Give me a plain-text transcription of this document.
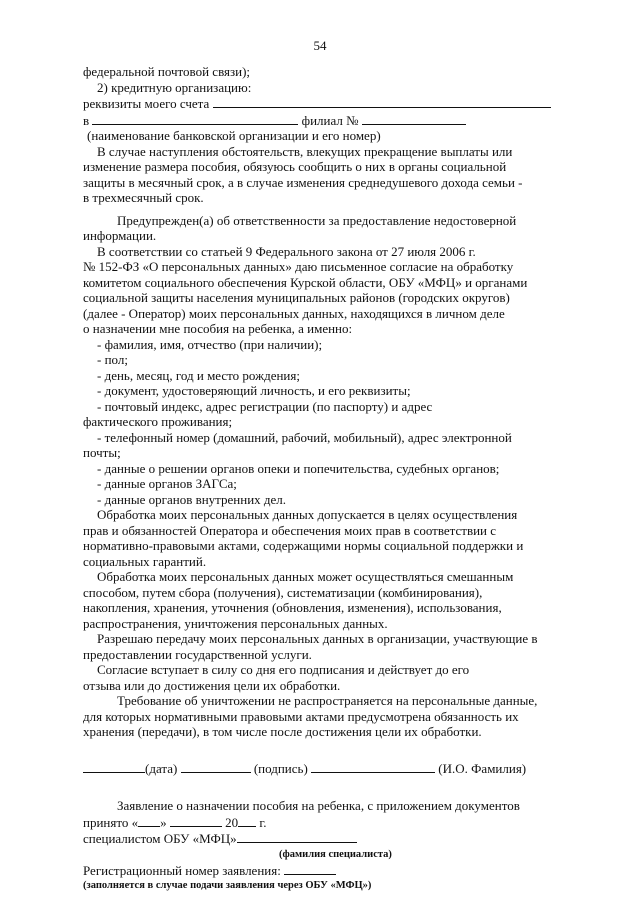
54
федеральной почтовой связи);
2) кредитную организацию:
реквизиты моего счета
в	филиал №
(наименование банковской организации и его номер)
В случае наступления обстоятельств, влекущих прекращение выплаты или
изменение размера пособия, обязуюсь сообщить о них в органы социальной
защиты в месячный срок, а в случае изменения среднедушевого дохода семьи -
в трехмесячный срок.
Предупрежден(а) об ответственности за предоставление недостоверной
информации.
В соответствии со статьей 9 Федерального закона от 27 июля 2006 г.
№ 152-ФЗ «О персональных данных» даю письменное согласие на обработку
комитетом социального обеспечения Курской области, ОБУ «МФЦ» и органами
социальной защиты населения муниципальных районов (городских округов)
(далее - Оператор) моих персональных данных, находящихся в личном деле
о назначении мне пособия на ребенка, а именно:
- фамилия, имя, отчество (при наличии);
- пол;
- день, месяц, год и место рождения;
- документ, удостоверяющий личность, и его реквизиты;
- почтовый индекс, адрес регистрации (по паспорту) и адрес
фактического проживания;
- телефонный номер (домашний, рабочий, мобильный), адрес электронной
почты;
- данные о решении органов опеки и попечительства, судебных органов;
- данные органов ЗАГСа;
- данные органов внутренних дел.
Обработка моих персональных данных допускается в целях осуществления
прав и обязанностей Оператора и обеспечения моих прав в соответствии с
нормативно-правовыми актами, содержащими нормы социальной поддержки и
социальных гарантий.
Обработка моих персональных данных может осуществляться смешанным
способом, путем сбора (получения), систематизации (комбинирования),
накопления, хранения, уточнения (обновления, изменения), использования,
распространения, уничтожения персональных данных.
Разрешаю передачу моих персональных данных в организации, участвующие в
предоставлении государственной услуги.
Согласие вступает в силу со дня его подписания и действует до его
отзыва или до достижения цели их обработки.
Требование об уничтожении не распространяется на персональные данные,
для которых нормативными правовыми актами предусмотрена обязанность их
хранения (передачи), в том числе после достижения цели их обработки.
(дата)	(подпись)	(И.О. Фамилия)
Заявление о назначении пособия на ребенка, с приложением документов
принято « »	20 г.
специалистом ОБУ «МФЦ»
(фамилия специалиста)
Регистрационный номер заявления:
(заполняется в случае подачи заявления через ОБУ «МФЦ»)
